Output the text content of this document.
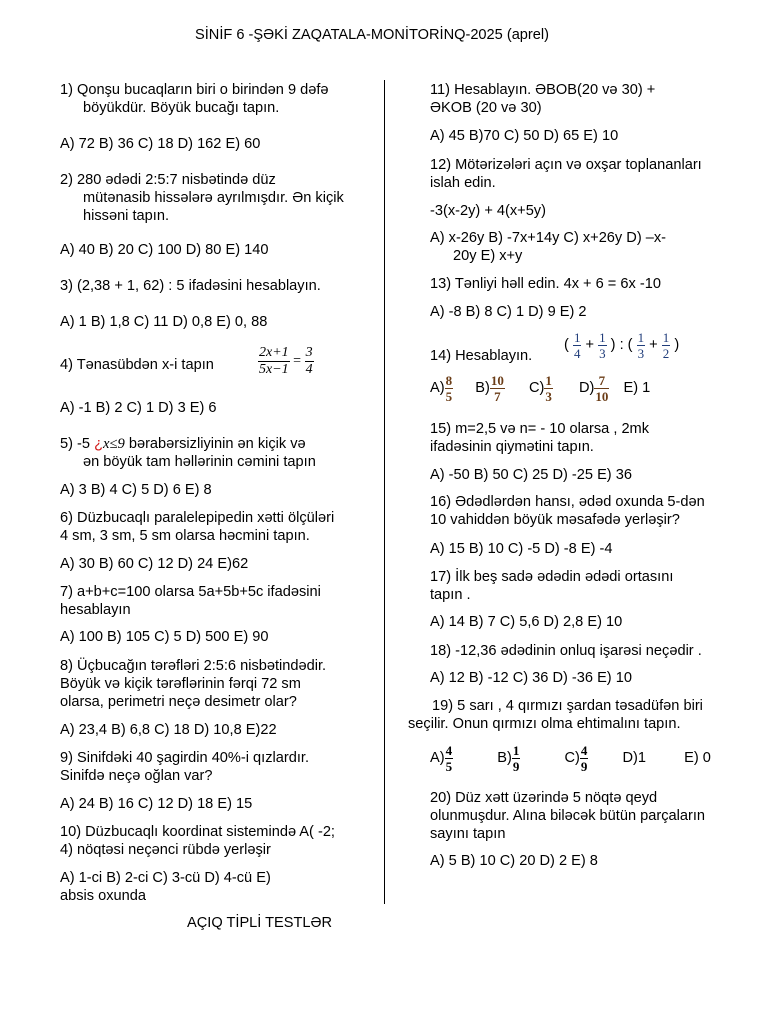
SİNİF 6 -ŞƏKİ ZAQATALA-MONİTORİNQ-2025 (aprel)
1) Qonşu bucaqların biri o birindən 9 dəfə
böyükdür. Böyük bucağı tapın.
A) 72 B) 36 C) 18 D) 162 E) 60
2) 280 ədədi 2:5:7 nisbətində düz
mütənasib hissələrə ayrılmışdır. Ən kiçik
hissəni tapın.
A) 40 B) 20 C) 100 D) 80 E) 140
3) (2,38 + 1, 62) : 5 ifadəsini hesablayın.
A) 1 B) 1,8 C) 11 D) 0,8 E) 0, 88
4) Tənasübdən x-i tapın	$\frac{2x+1}{5x-1} = \frac{3}{4}$
A) -1 B) 2 C) 1 D) 3 E) 6
5) -5 ¿x≤9 bərabərsizliyinin ən kiçik və
ən böyük tam həllərinin cəmini tapın
A) 3 B) 4 C) 5 D) 6 E) 8
6) Düzbucaqlı paralelepipedin xətti ölçüləri
4 sm, 3 sm, 5 sm olarsa həcmini tapın.
A) 30 B) 60 C) 12 D) 24 E)62
7) a+b+c=100 olarsa 5a+5b+5c ifadəsini
hesablayın
A) 100 B) 105 C) 5 D) 500 E) 90
8) Üçbucağın tərəfləri 2:5:6 nisbətindədir.
Böyük və kiçik tərəflərinin fərqi 72 sm
olarsa, perimetri neçə desimetr olar?
A) 23,4 B) 6,8 C) 18 D) 10,8 E)22
9) Sinifdəki 40 şagirdin 40%-i qızlardır.
Sinifdə neçə oğlan var?
A) 24 B) 16 C) 12 D) 18 E) 15
10) Düzbucaqlı koordinat sistemində A( -2;
4) nöqtəsi neçənci rübdə yerləşir
A) 1-ci B) 2-ci C) 3-cü D) 4-cü E)
absis oxunda
11) Hesablayın. ƏBOB(20 və 30) +
ƏKOB (20 və 30)
A) 45 B)70 C) 50 D) 65 E) 10
12) Mötərizələri açın və oxşar toplananları
islah edin.
-3(x-2y) + 4(x+5y)
A) x-26y B) -7x+14y C) x+26y D) –x-
20y E) x+y
13) Tənliyi həll edin. 4x + 6 = 6x -10
A) -8 B) 8 C) 1 D) 9 E) 2
14) Hesablayın.
( $\frac{1}{4} + \frac{1}{3}$ ) : ( $\frac{1}{3} + \frac{1}{2}$ )
$A) \frac{8}{5} B) \frac{10}{7} C) \frac{1}{3} D) \frac{7}{10} E$) 1
15) m=2,5 və n= - 10 olarsa , 2mk
ifadəsinin qiymətini tapın.
A) -50 B) 50 C) 25 D) -25 E) 36
16) Ədədlərdən hansı, ədəd oxunda 5-dən
10 vahiddən böyük məsafədə yerləşir?
A) 15 B) 10 C) -5 D) -8 E) -4
17) İlk beş sadə ədədin ədədi ortasını
tapın .
A) 14 B) 7 C) 5,6 D) 2,8 E) 10
18) -12,36 ədədinin onluq işarəsi neçədir .
A) 12 B) -12 C) 36 D) -36 E) 10
19) 5 sarı , 4 qırmızı şardan təsadüfən biri
seçilir. Onun qırmızı olma ehtimalını tapın.
$A) \frac{4}{5}$	$B) \frac{1}{9}$	$C) \frac{4}{9} D)1$	E) 0
20) Düz xətt üzərində 5 nöqtə qeyd
olunmuşdur. Alına biləcək bütün parçaların
sayını tapın
A) 5 B) 10 C) 20 D) 2 E) 8
AÇIQ TİPLİ TESTLƏR
